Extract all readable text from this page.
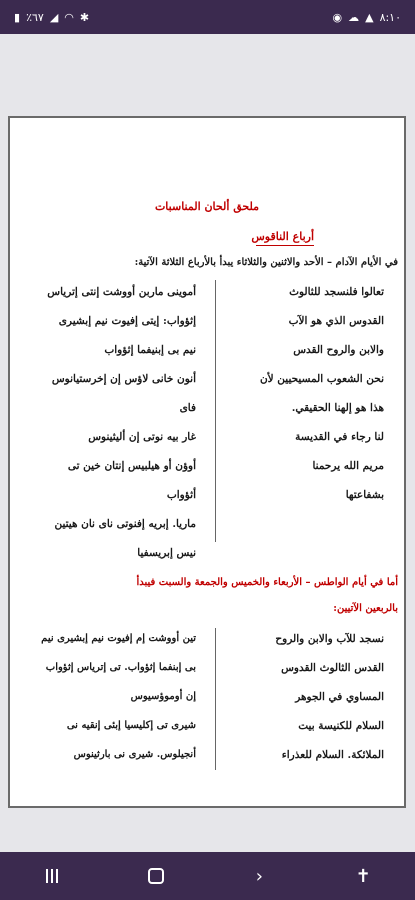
▮ ٪٦٧ ◢ ◠ ✱	◉ ☁ ▲ ٨:١٠
ملحق ألحان المناسبات
أرباع الناقوس
في الأيام الآدام – الأحد والاثنين والثلاثاء يبدأ بالأرباع الثلاثة الآتية:
تعالوا فلنسجد للثالوث
القدوس الذي هو الآب
والابن والروح القدس
نحن الشعوب المسيحيين لأن
هذا هو إلهنا الحقيقي.
لنا رجاء في القديسة
مريم الله يرحمنا
بشفاعتها
أموينى ماربن أووشت إنتى إترياس
إثؤواب: إيتى إفيوت نيم إبشيرى
نيم بى إبنيفما إثؤواب
أنون خانى لاؤس إن إخرستيانوس
فاى
غار بيه نوتى إن أليثينوس
أوؤن أو هيلبيس إنتان خين تى
أثؤواب
ماريا. إبريه إفنوتى ناى نان هيتين
نيس إبريسفيا
أما في أيام الواطس – الأربعاء والخميس والجمعة والسبت فيبدأ
بالربعين الآتيين:
نسجد للآب والابن والروح
القدس الثالوث القدوس
المساوي في الجوهر
السلام للكنيسة بيت
الملائكة. السلام للعذراء
تين أووشت إم إفيوت نيم إبشيرى نيم
بى إبنفما إثؤواب. تى إترياس إثؤواب
إن أوموؤسيوس
شيرى تى إكليسيا إبئى إنقيه نى
أنجيلوس. شيرى نى بارثينوس
›	✝
